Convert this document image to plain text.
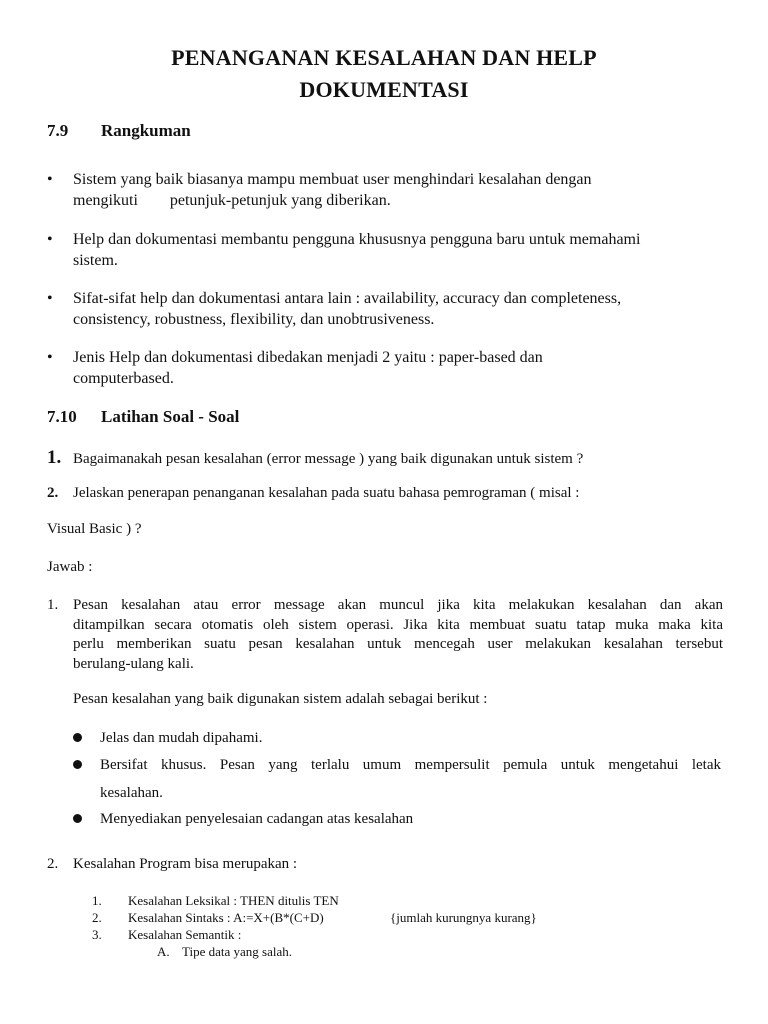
PENANGANAN KESALAHAN DAN HELP
DOKUMENTASI
7.9 Rangkuman
• Sistem yang baik biasanya mampu membuat user menghindari kesalahan dengan
mengikuti        petunjuk-petunjuk yang diberikan.
• Help dan dokumentasi membantu pengguna khususnya pengguna baru untuk memahami
sistem.
• Sifat-sifat help dan dokumentasi antara lain : availability, accuracy dan completeness,
consistency, robustness, flexibility, dan unobtrusiveness.
• Jenis Help dan dokumentasi dibedakan menjadi 2 yaitu : paper-based dan
computerbased.
7.10 Latihan Soal - Soal
1. Bagaimanakah pesan kesalahan (error message ) yang baik digunakan untuk sistem ?
2. Jelaskan penerapan penanganan kesalahan pada suatu bahasa pemrograman ( misal :
Visual Basic ) ?
Jawab :
1. Pesan kesalahan atau error message akan muncul jika kita melakukan kesalahan dan akan
ditampilkan secara otomatis oleh sistem operasi. Jika kita membuat suatu tatap muka maka kita
perlu memberikan suatu pesan kesalahan untuk mencegah user melakukan kesalahan tersebut
berulang-ulang kali.
Pesan kesalahan yang baik digunakan sistem adalah sebagai berikut :
Jelas dan mudah dipahami.
Bersifat khusus. Pesan yang terlalu umum mempersulit pemula untuk mengetahui letak
kesalahan.
Menyediakan penyelesaian cadangan atas kesalahan
2. Kesalahan Program bisa merupakan :
1. Kesalahan Leksikal : THEN ditulis TEN
2. Kesalahan Sintaks : A:=X+(B*(C+D)	{jumlah kurungnya kurang}
3. Kesalahan Semantik :
A. Tipe data yang salah.
